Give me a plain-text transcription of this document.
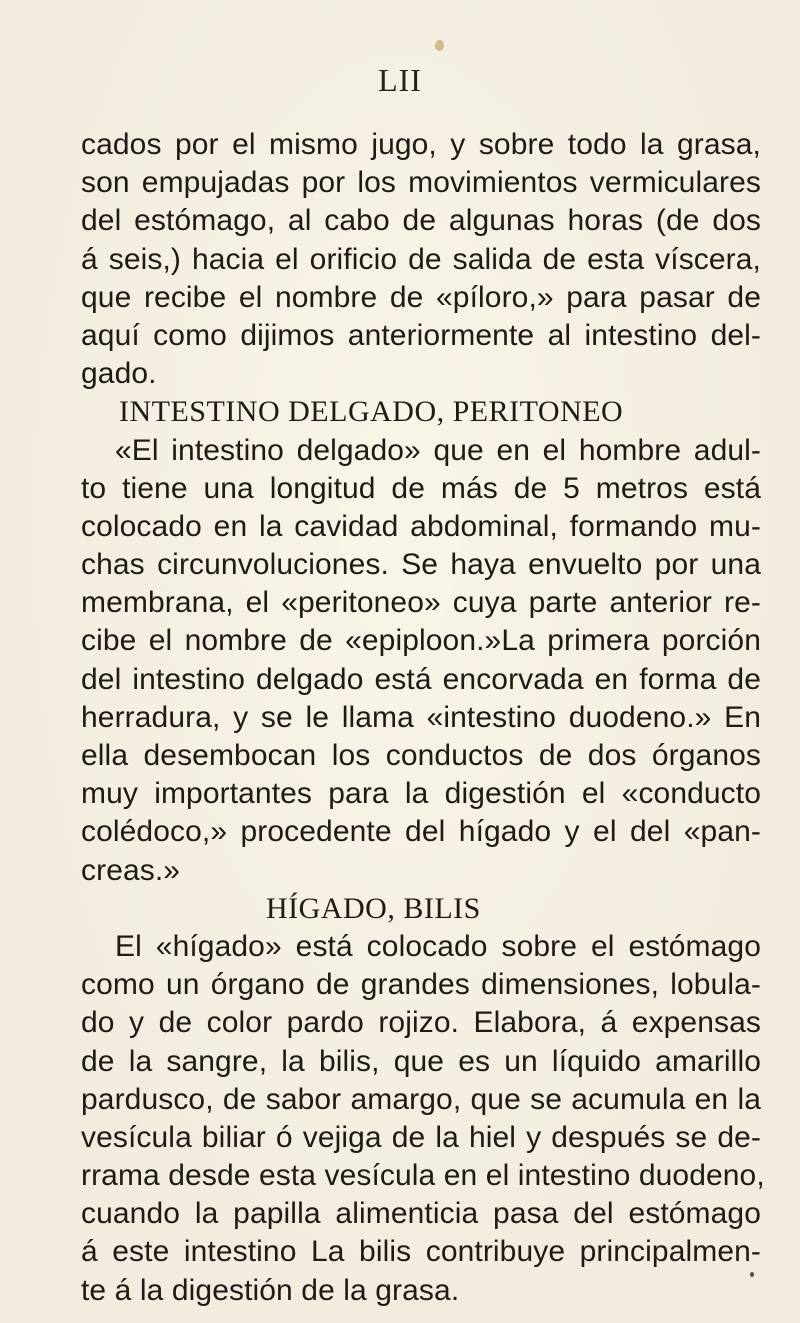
LII
cados por el mismo jugo, y sobre todo la grasa,
son empujadas por los movimientos vermiculares
del estómago, al cabo de algunas horas (de dos
á seis,) hacia el orificio de salida de esta víscera,
que recibe el nombre de «píloro,» para pasar de
aquí como dijimos anteriormente al intestino del-
gado.
INTESTINO DELGADO, PERITONEO
«El intestino delgado» que en el hombre adul-
to tiene una longitud de más de 5 metros está
colocado en la cavidad abdominal, formando mu-
chas circunvoluciones. Se haya envuelto por una
membrana, el «peritoneo» cuya parte anterior re-
cibe el nombre de «epiploon.»La primera porción
del intestino delgado está encorvada en forma de
herradura, y se le llama «intestino duodeno.» En
ella desembocan los conductos de dos órganos
muy importantes para la digestión el «conducto
colédoco,» procedente del hígado y el del «pan-
creas.»
HÍGADO, BILIS
El «hígado» está colocado sobre el estómago
como un órgano de grandes dimensiones, lobula-
do y de color pardo rojizo. Elabora, á expensas
de la sangre, la bilis, que es un líquido amarillo
pardusco, de sabor amargo, que se acumula en la
vesícula biliar ó vejiga de la hiel y después se de-
rrama desde esta vesícula en el intestino duodeno,
cuando la papilla alimenticia pasa del estómago
á este intestino La bilis contribuye principalmen-
te á la digestión de la grasa.
